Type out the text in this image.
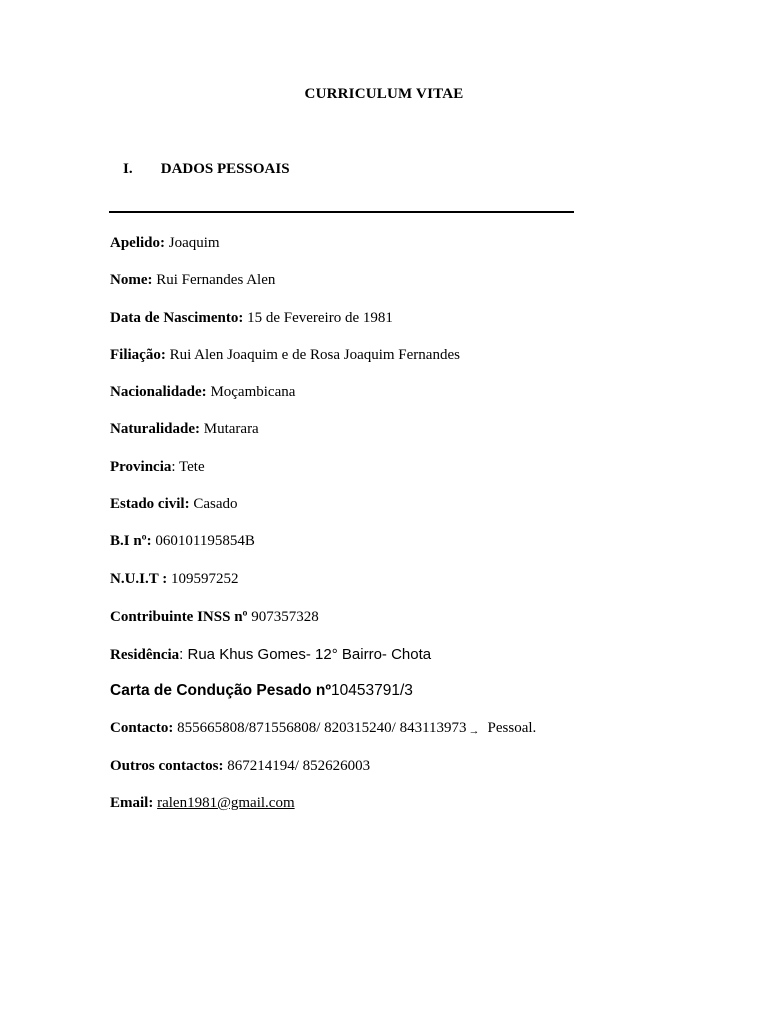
CURRICULUM VITAE
I. DADOS PESSOAIS
Apelido: Joaquim
Nome: Rui Fernandes Alen
Data de Nascimento: 15 de Fevereiro de 1981
Filiação: Rui Alen Joaquim e de Rosa Joaquim Fernandes
Nacionalidade: Moçambicana
Naturalidade: Mutarara
Provincia: Tete
Estado civil: Casado
B.I nº: 060101195854B
N.U.I.T : 109597252
Contribuinte INSS nº 907357328
Residência: Rua Khus Gomes- 12° Bairro- Chota
Carta de Condução Pesado nº10453791/3
Contacto: 855665808/871556808/ 820315240/ 843113973 → Pessoal.
Outros contactos: 867214194/ 852626003
Email: ralen1981@gmail.com
